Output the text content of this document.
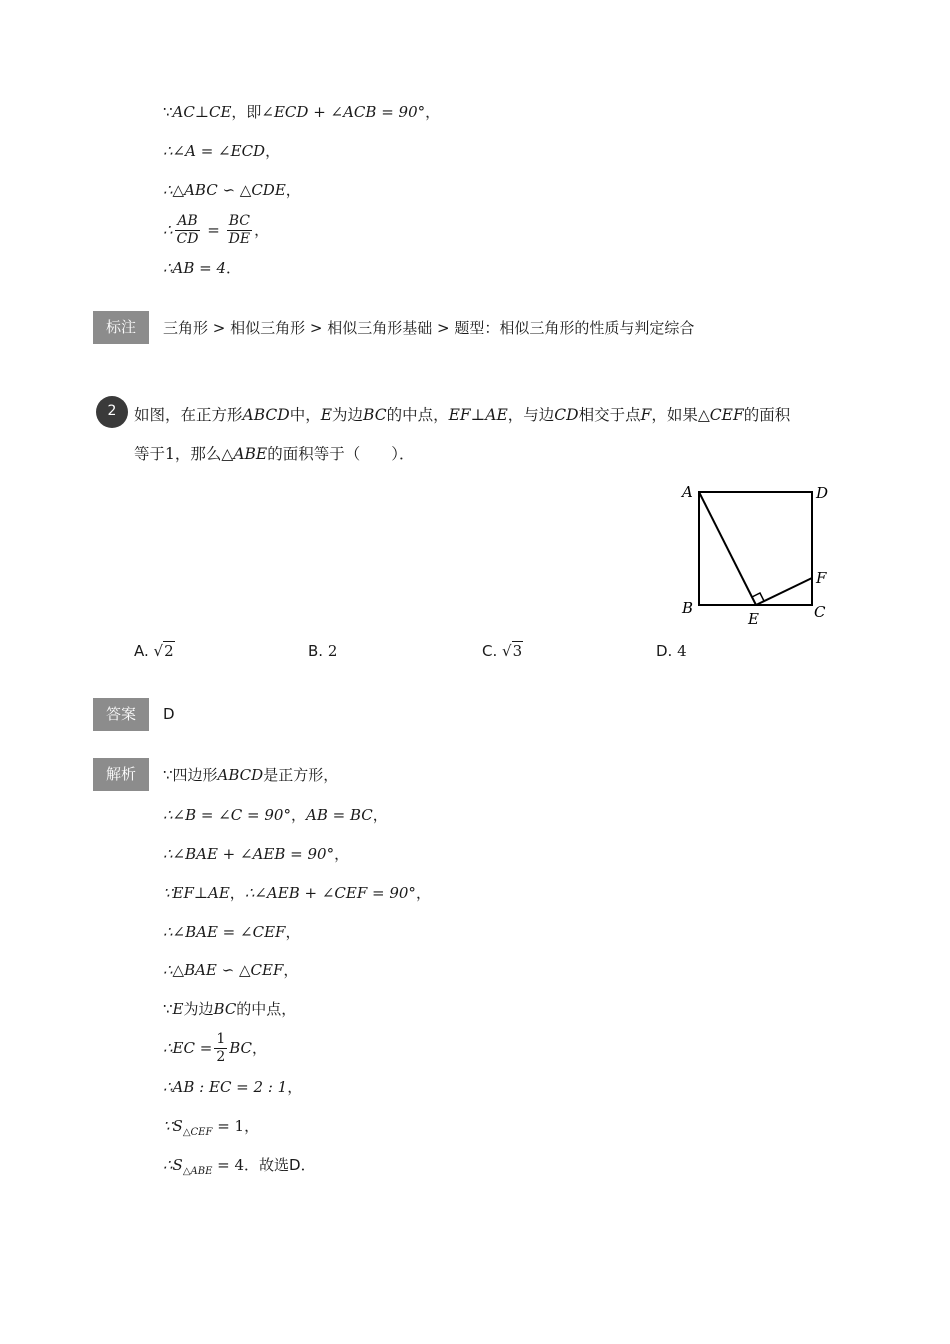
∵AC⊥CE，即∠ECD + ∠ACB = 90°，
∴∠A = ∠ECD，
∴△ABC ∽ △CDE，
∴ $\frac{AB}{CD} = \frac{BC}{DE}$ ，
∴AB = 4．
标注	三角形 > 相似三角形 > 相似三角形基础 > 题型：相似三角形的性质与判定综合
2	如图，在正方形ABCD中，E为边BC的中点，EF⊥AE，与边CD相交于点F，如果△CEF的面积
等于1，那么△ABE的面积等于（　　）．
A	D
B	C
E
F
A. √2	B. 2	C. √3	D. 4
答案	D
解析	∵四边形ABCD是正方形，
∴∠B = ∠C = 90°，AB = BC，
∴∠BAE + ∠AEB = 90°，
∵EF⊥AE，∴∠AEB + ∠CEF = 90°，
∴∠BAE = ∠CEF，
∴△BAE ∽ △CEF，
∵E为边BC的中点，
∴EC = $\frac{1}{2}$ BC，
∴AB : EC = 2 : 1，
$\because S_{\triangle CEF} = 1$，
$\therefore S_{\triangle ABE} = 4$．故选D．
